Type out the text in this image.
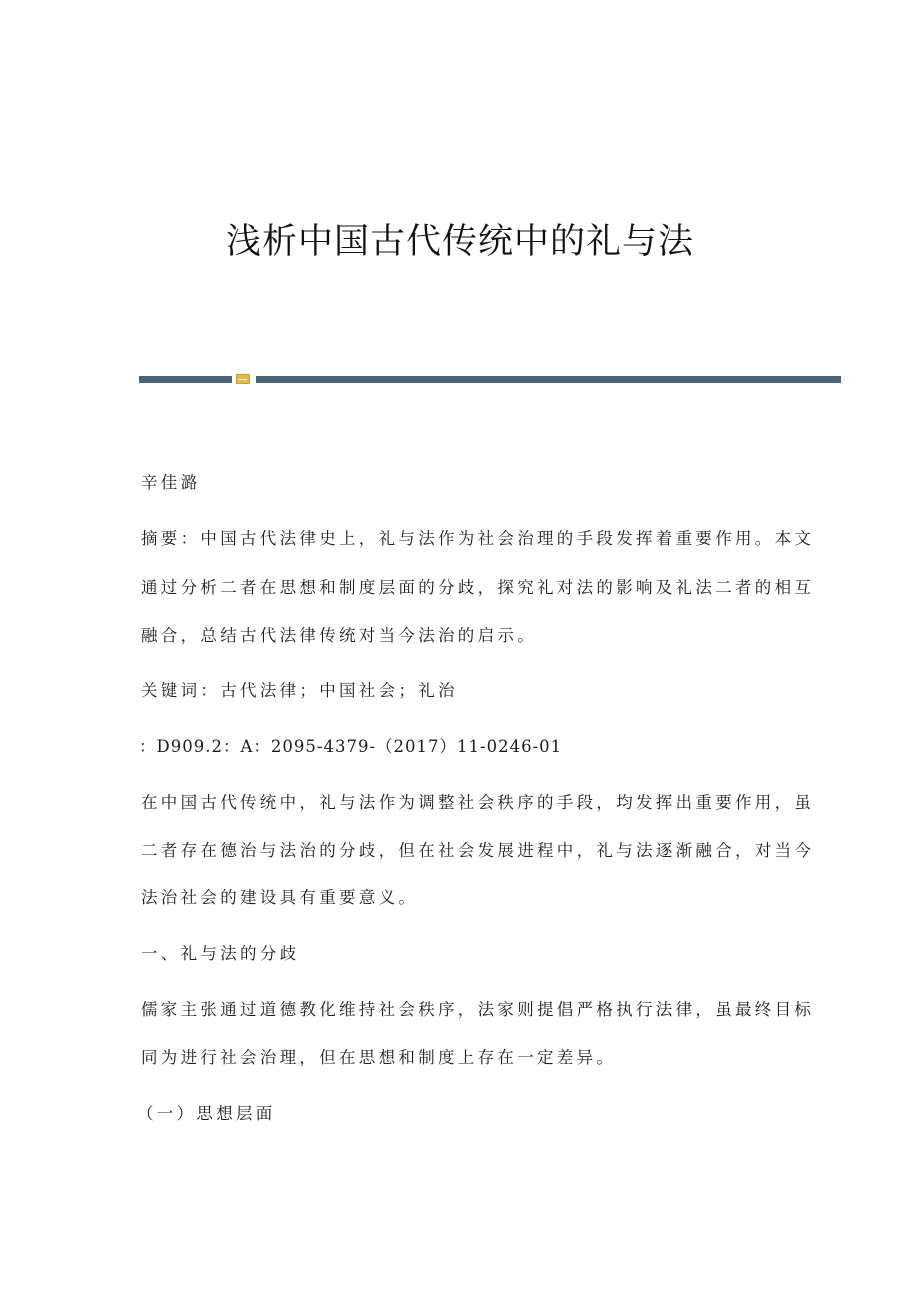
浅析中国古代传统中的礼与法
辛佳潞
摘要：中国古代法律史上，礼与法作为社会治理的手段发挥着重要作用。本文
通过分析二者在思想和制度层面的分歧，探究礼对法的影响及礼法二者的相互
融合，总结古代法律传统对当今法治的启示。
关键词：古代法律；中国社会；礼治
：D909.2：A：2095-4379-（2017）11-0246-01
在中国古代传统中，礼与法作为调整社会秩序的手段，均发挥出重要作用，虽
二者存在德治与法治的分歧，但在社会发展进程中，礼与法逐渐融合，对当今
法治社会的建设具有重要意义。
一、礼与法的分歧
儒家主张通过道德教化维持社会秩序，法家则提倡严格执行法律，虽最终目标
同为进行社会治理，但在思想和制度上存在一定差异。
（一）思想层面
